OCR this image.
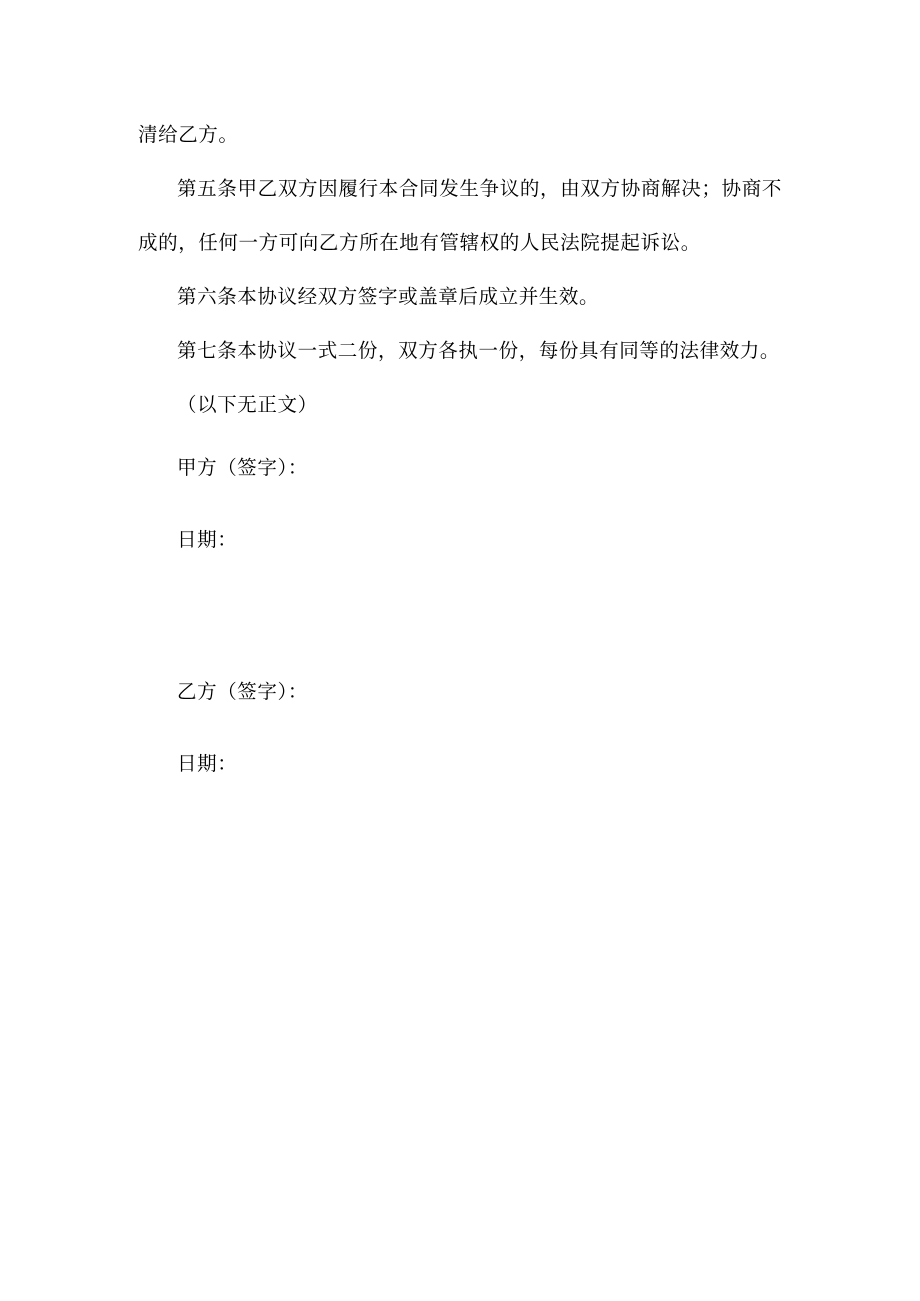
清给乙方。

第五条甲乙双方因履行本合同发生争议的，由双方协商解决；协商不成的，任何一方可向乙方所在地有管辖权的人民法院提起诉讼。

第六条本协议经双方签字或盖章后成立并生效。

第七条本协议一式二份，双方各执一份，每份具有同等的法律效力。

（以下无正文）

甲方（签字）：

日期：

乙方（签字）：

日期：
